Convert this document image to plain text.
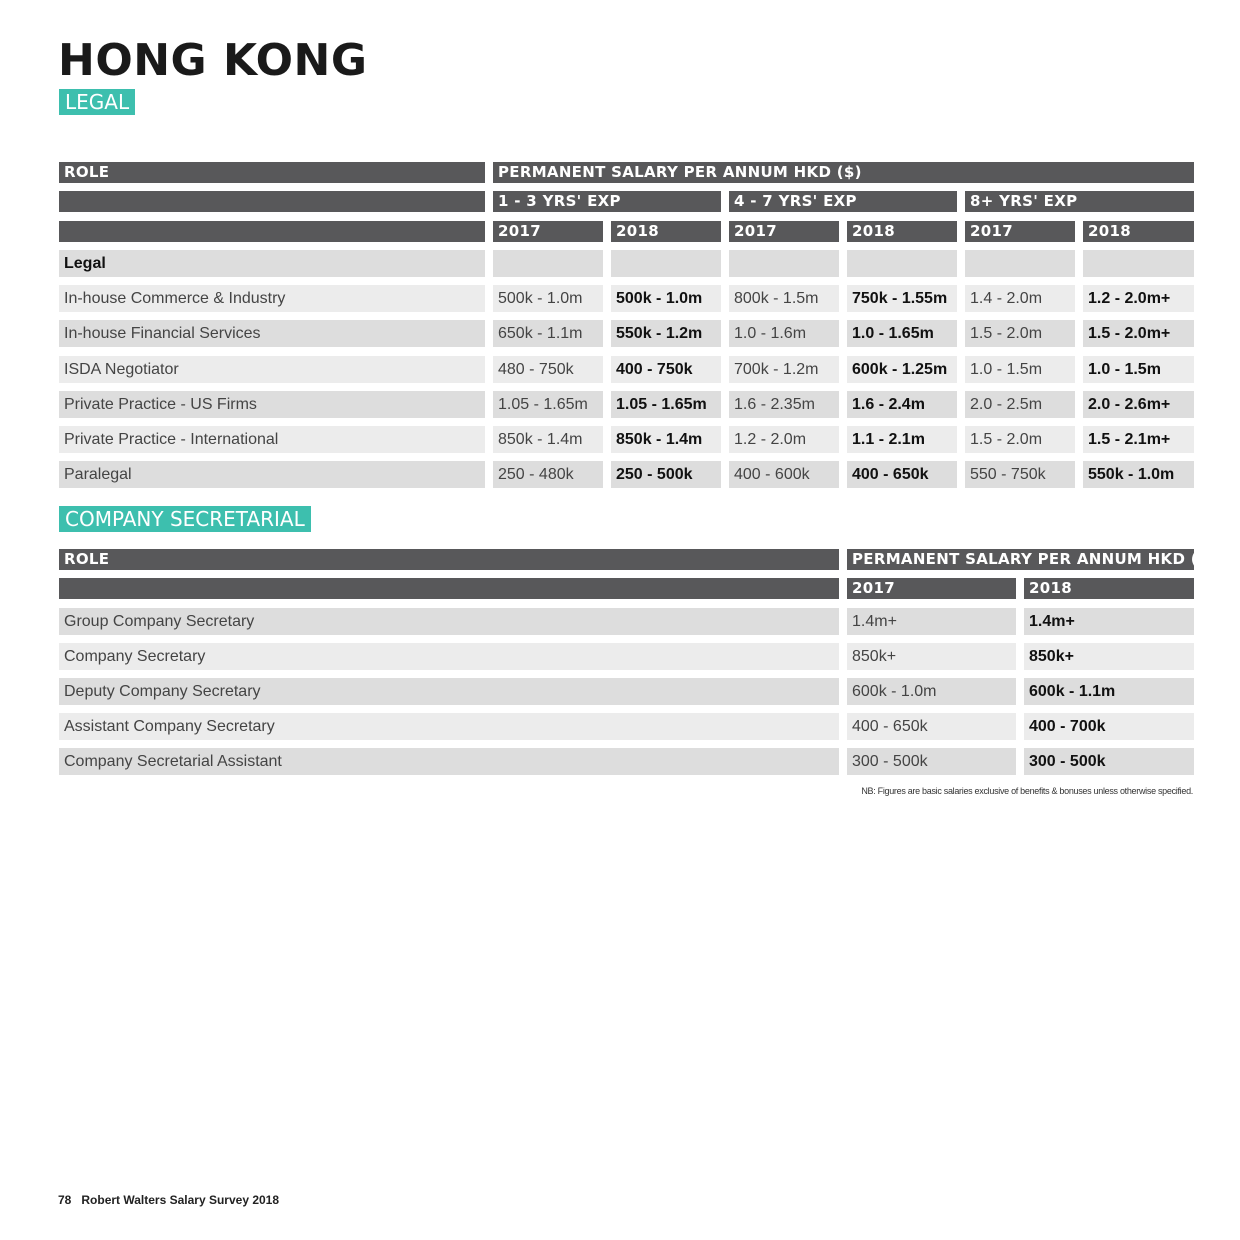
HONG KONG
LEGAL
ROLE	PERMANENT SALARY PER ANNUM HKD ($)
1 - 3 YRS' EXP	4 - 7 YRS' EXP	8+ YRS' EXP
2017	2018	2017	2018	2017	2018
Legal
In-house Commerce & Industry	500k - 1.0m	500k - 1.0m	800k - 1.5m	750k - 1.55m	1.4 - 2.0m	1.2 - 2.0m+
In-house Financial Services	650k - 1.1m	550k - 1.2m	1.0 - 1.6m	1.0 - 1.65m	1.5 - 2.0m	1.5 - 2.0m+
ISDA Negotiator	480 - 750k	400 - 750k	700k - 1.2m	600k - 1.25m	1.0 - 1.5m	1.0 - 1.5m
Private Practice - US Firms	1.05 - 1.65m	1.05 - 1.65m	1.6 - 2.35m	1.6 - 2.4m	2.0 - 2.5m	2.0 - 2.6m+
Private Practice - International	850k - 1.4m	850k - 1.4m	1.2 - 2.0m	1.1 - 2.1m	1.5 - 2.0m	1.5 - 2.1m+
Paralegal	250 - 480k	250 - 500k	400 - 600k	400 - 650k	550 - 750k	550k - 1.0m
COMPANY SECRETARIAL
ROLE	PERMANENT SALARY PER ANNUM HKD ($)
2017	2018
Group Company Secretary	1.4m+	1.4m+
Company Secretary	850k+	850k+
Deputy Company Secretary	600k - 1.0m	600k - 1.1m
Assistant Company Secretary	400 - 650k	400 - 700k
Company Secretarial Assistant	300 - 500k	300 - 500k
NB: Figures are basic salaries exclusive of benefits & bonuses unless otherwise specified.
78 Robert Walters Salary Survey 2018
